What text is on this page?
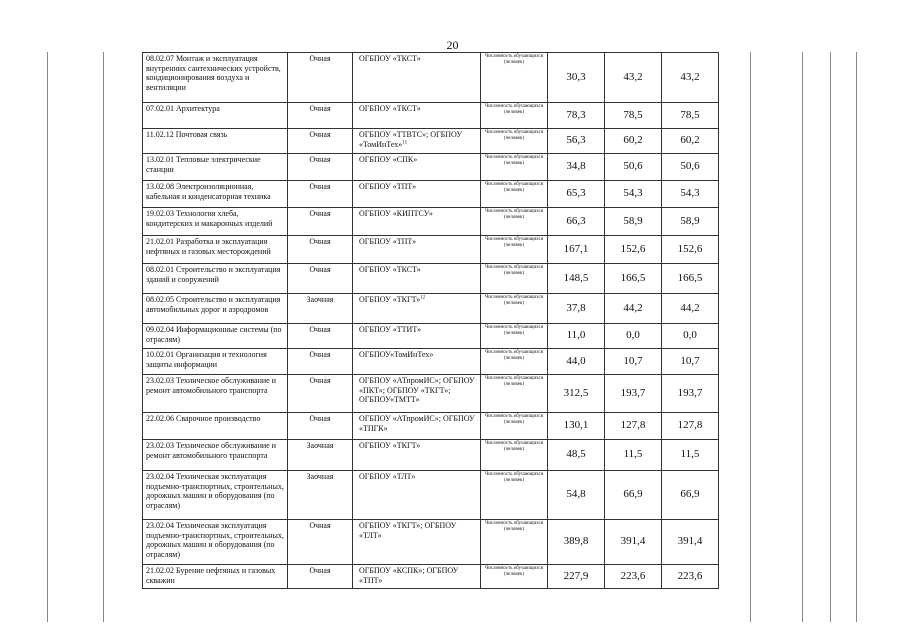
20
08.02.07 Монтаж и эксплуатация внутренних сантехнических устройств, кондиционирования воздуха и вентиляции	Очная	ОГБПОУ «ТКСТ»	Численность обучающихся (человек)	30,3	43,2	43,2
07.02.01 Архитектура	Очная	ОГБПОУ «ТКСТ»	Численность обучающихся (человек)	78,3	78,5	78,5
11.02.12 Почтовая связь	Очная	ОГБПОУ «ТТВТС»; ОГБПОУ «ТомИнТех»$^{11}$	Численность обучающихся (человек)	56,3	60,2	60,2
13.02.01 Тепловые электрические станции	Очная	ОГБПОУ «СПК»	Численность обучающихся (человек)	34,8	50,6	50,6
13.02.08 Электроизоляционная, кабельная и конденсаторная техника	Очная	ОГБПОУ «ТПТ»	Численность обучающихся (человек)	65,3	54,3	54,3
19.02.03 Технология хлеба, кондитерских и макаронных изделий	Очная	ОГБПОУ «КИПТСУ»	Численность обучающихся (человек)	66,3	58,9	58,9
21.02.01 Разработка и эксплуатация нефтяных и газовых месторождений	Очная	ОГБПОУ «ТПТ»	Численность обучающихся (человек)	167,1	152,6	152,6
08.02.01 Строительство и эксплуатация зданий и сооружений	Очная	ОГБПОУ «ТКСТ»	Численность обучающихся (человек)	148,5	166,5	166,5
08.02.05 Строительство и эксплуатация автомобильных дорог и аэродромов	Заочная	ОГБПОУ «ТКГТ»$^{12}$	Численность обучающихся (человек)	37,8	44,2	44,2
09.02.04 Информационные системы (по отраслям)	Очная	ОГБПОУ «ТТИТ»	Численность обучающихся (человек)	11,0	0,0	0,0
10.02.01 Организация и технология защиты информации	Очная	ОГБПОУ«ТомИнТех»	Численность обучающихся (человек)	44,0	10,7	10,7
23.02.03 Техническое обслуживание и ремонт автомобильного транспорта	Очная	ОГБПОУ «АТпромИС»; ОГБПОУ «ПКТ»; ОГБПОУ «ТКГТ»; ОГБПОУ«ТМТТ»	Численность обучающихся (человек)	312,5	193,7	193,7
22.02.06 Сварочное производство	Очная	ОГБПОУ «АТпромИС»; ОГБПОУ «ТПГК»	Численность обучающихся (человек)	130,1	127,8	127,8
23.02.03 Техническое обслуживание и ремонт автомобильного транспорта	Заочная	ОГБПОУ «ТКГТ»	Численность обучающихся (человек)	48,5	11,5	11,5
23.02.04 Техническая эксплуатация подъемно-транспортных, строительных, дорожных машин и оборудования (по отраслям)	Заочная	ОГБПОУ «ТЛТ»	Численность обучающихся (человек)	54,8	66,9	66,9
23.02.04 Техническая эксплуатация подъемно-транспортных, строительных, дорожных машин и оборудования (по отраслям)	Очная	ОГБПОУ «ТКГТ»; ОГБПОУ «ТЛТ»	Численность обучающихся (человек)	389,8	391,4	391,4
21.02.02 Бурение нефтяных и газовых скважин	Очная	ОГБПОУ «КСПК»; ОГБПОУ «ТПТ»	Численность обучающихся (человек)	227,9	223,6	223,6
